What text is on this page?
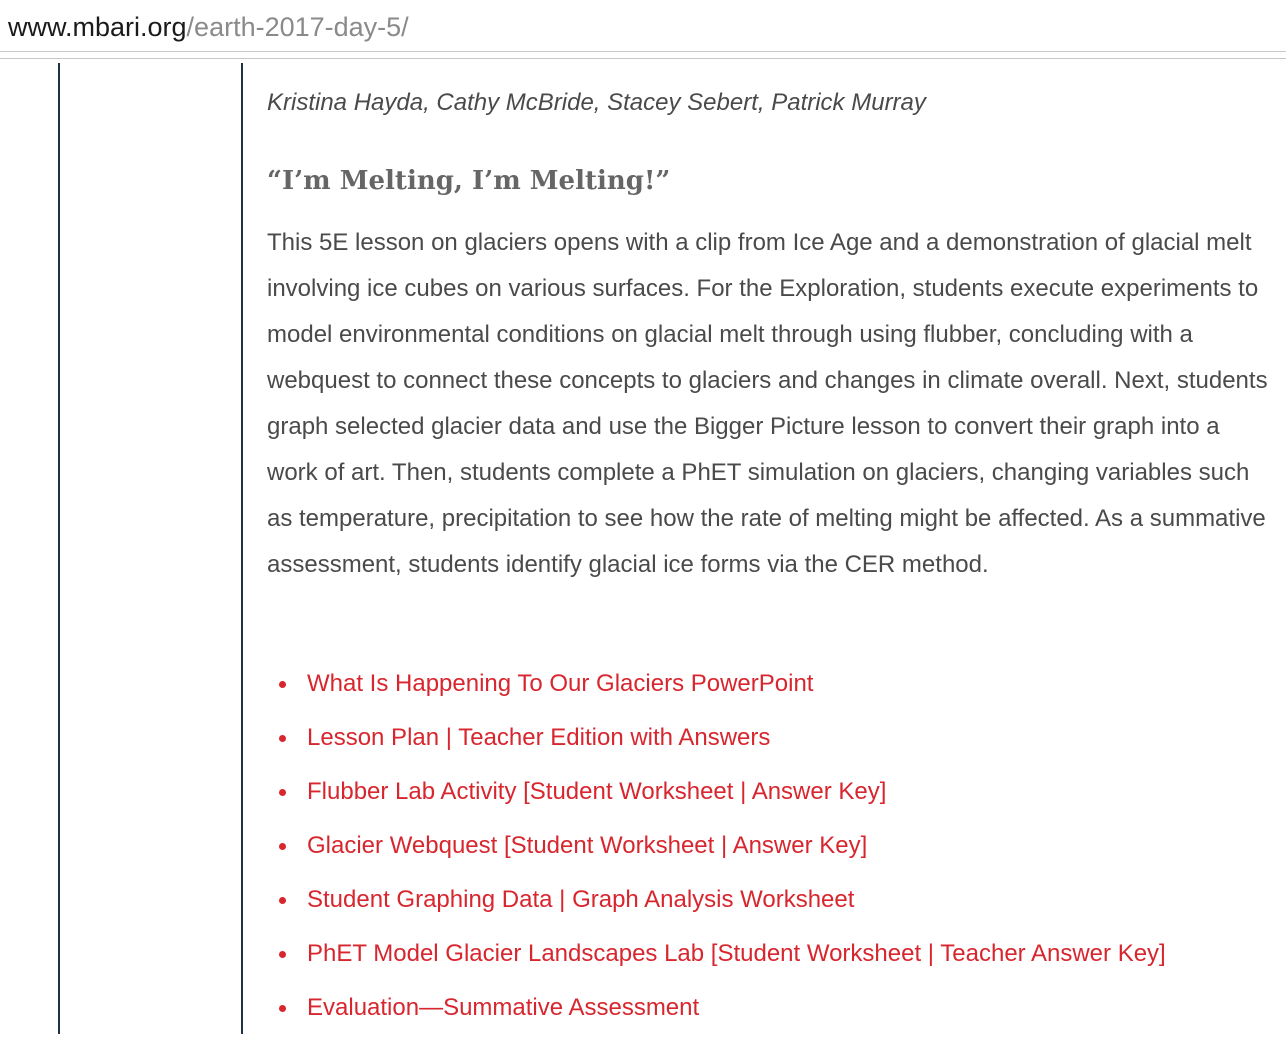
www.mbari.org/earth-2017-day-5/
Kristina Hayda, Cathy McBride, Stacey Sebert, Patrick Murray
“I’m Melting, I’m Melting!”

This 5E lesson on glaciers opens with a clip from Ice Age and a demonstration of glacial melt involving ice cubes on various surfaces. For the Exploration, students execute experiments to model environmental conditions on glacial melt through using flubber, concluding with a webquest to connect these concepts to glaciers and changes in climate overall. Next, students graph selected glacier data and use the Bigger Picture lesson to convert their graph into a work of art. Then, students complete a PhET simulation on glaciers, changing variables such as temperature, precipitation to see how the rate of melting might be affected. As a summative assessment, students identify glacial ice forms via the CER method.

What Is Happening To Our Glaciers PowerPoint
Lesson Plan | Teacher Edition with Answers
Flubber Lab Activity [Student Worksheet | Answer Key]
Glacier Webquest [Student Worksheet | Answer Key]
Student Graphing Data | Graph Analysis Worksheet
PhET Model Glacier Landscapes Lab [Student Worksheet | Teacher Answer Key]
Evaluation—Summative Assessment
